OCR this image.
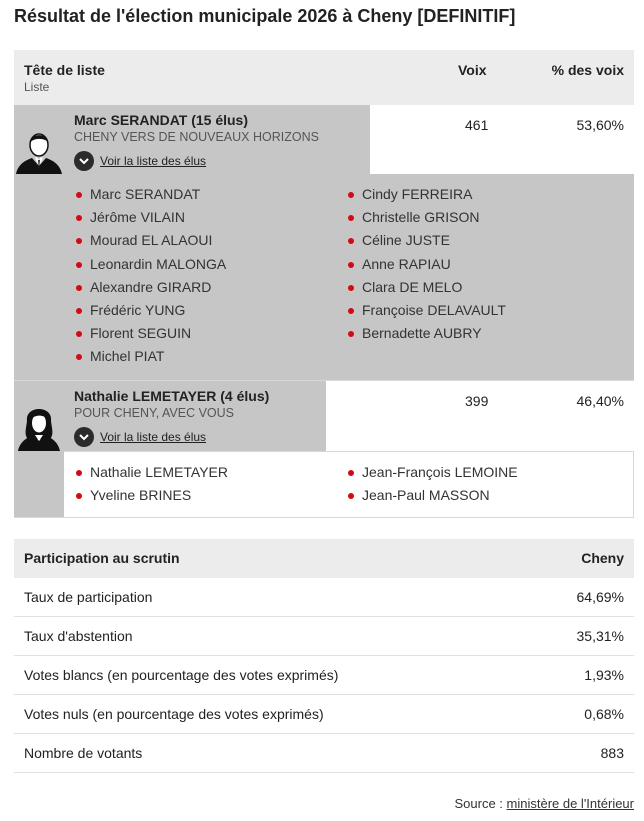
Résultat de l'élection municipale 2026 à Cheny [DEFINITIF]
Tête de liste
Liste
Voix	% des voix
Marc SERANDAT (15 élus)
CHENY VERS DE NOUVEAUX HORIZONS
Voir la liste des élus
461	53,60%
Marc SERANDAT
Jérôme VILAIN
Mourad EL ALAOUI
Leonardin MALONGA
Alexandre GIRARD
Frédéric YUNG
Florent SEGUIN
Michel PIAT
Cindy FERREIRA
Christelle GRISON
Céline JUSTE
Anne RAPIAU
Clara DE MELO
Françoise DELAVAULT
Bernadette AUBRY
Nathalie LEMETAYER (4 élus)
POUR CHENY, AVEC VOUS
Voir la liste des élus
399	46,40%
Nathalie LEMETAYER
Yveline BRINES
Jean-François LEMOINE
Jean-Paul MASSON
Participation au scrutin	Cheny
Taux de participation	64,69%
Taux d'abstention	35,31%
Votes blancs (en pourcentage des votes exprimés)	1,93%
Votes nuls (en pourcentage des votes exprimés)	0,68%
Nombre de votants	883
Source : ministère de l'Intérieur
